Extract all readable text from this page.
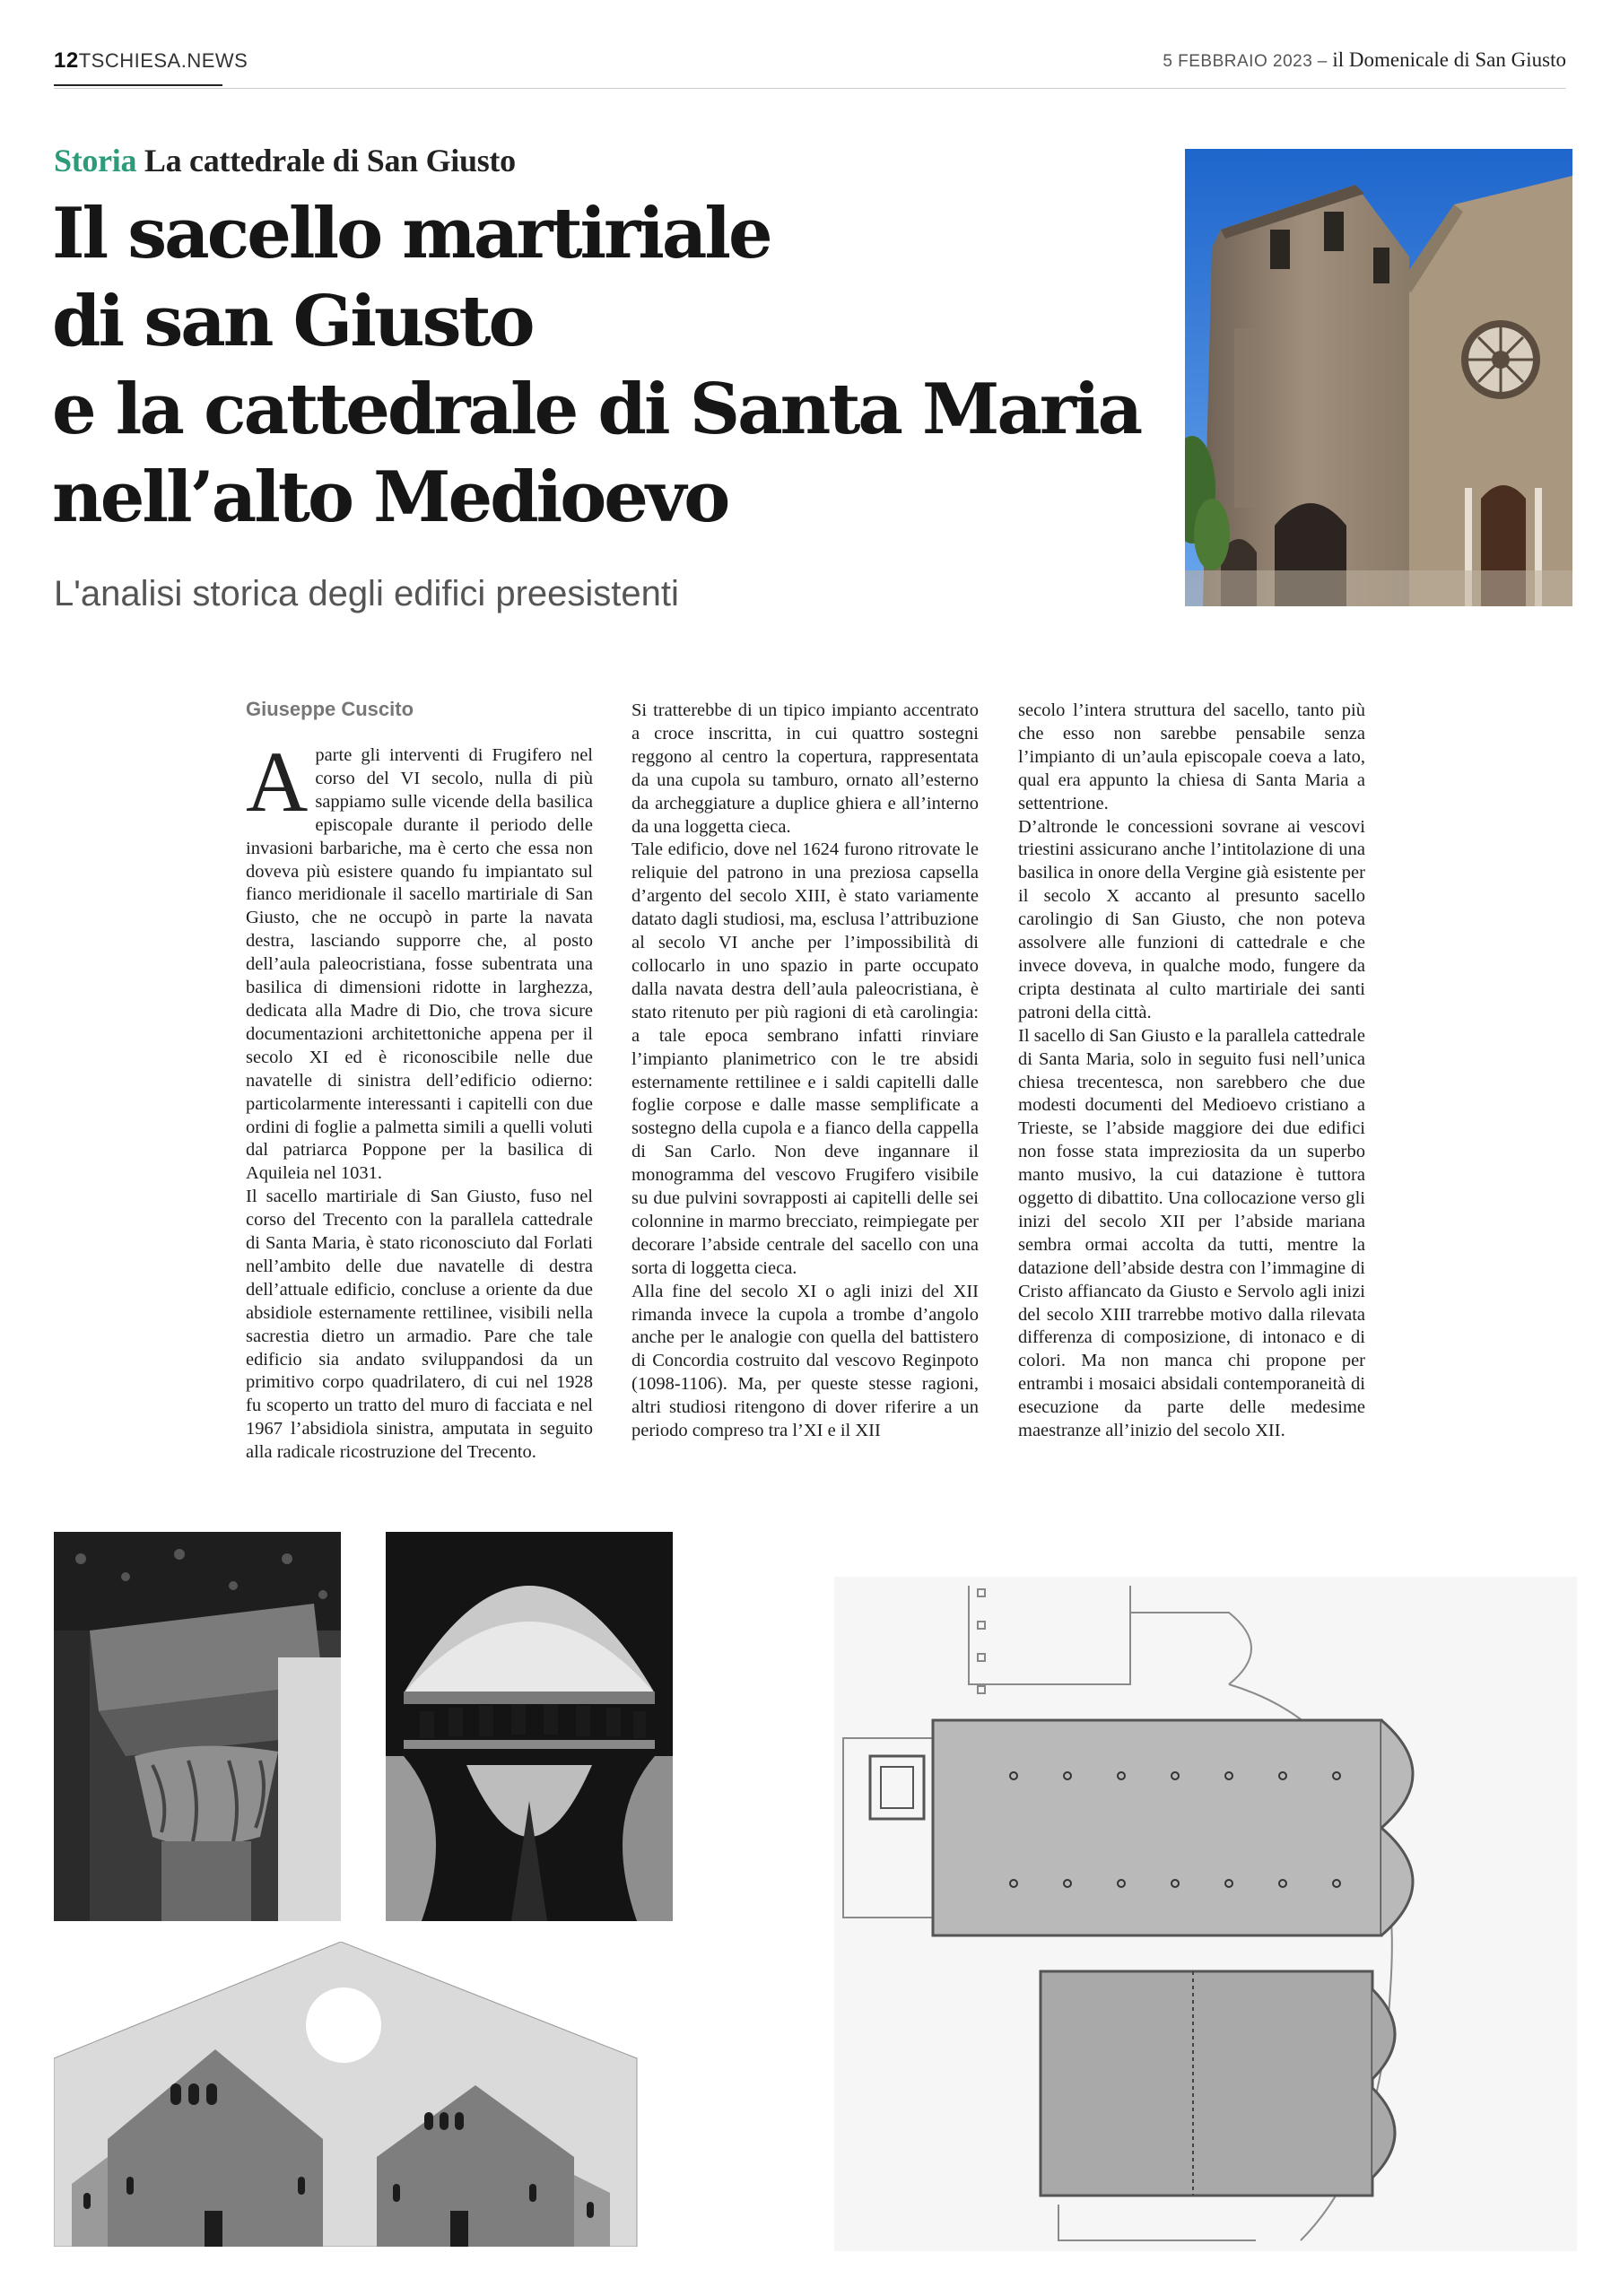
12TSCHIESA.NEWS	5 FEBBRAIO 2023 – il Domenicale di San Giusto
Storia La cattedrale di San Giusto
Il sacello martiriale
di san Giusto
e la cattedrale di Santa Maria
nell’alto Medioevo
L'analisi storica degli edifici preesistenti
Giuseppe Cuscito

Aparte gli interventi di Frugifero nel corso del VI secolo, nulla di più sappiamo sulle vicende della basilica episcopale durante il periodo delle invasioni barbariche, ma è certo che essa non doveva più esistere quando fu impiantato sul fianco meridionale il sacello martiriale di San Giusto, che ne occupò in parte la navata destra, lasciando supporre che, al posto dell’aula paleocristiana, fosse subentrata una basilica di dimensioni ridotte in larghezza, dedicata alla Madre di Dio, che trova sicure documentazioni architettoniche appena per il secolo XI ed è riconoscibile nelle due navatelle di sinistra dell’edificio odierno: particolarmente interessanti i capitelli con due ordini di foglie a palmetta simili a quelli voluti dal patriarca Poppone per la basilica di Aquileia nel 1031.

Il sacello martiriale di San Giusto, fuso nel corso del Trecento con la parallela cattedrale di Santa Maria, è stato riconosciuto dal Forlati nell’ambito delle due navatelle di destra dell’attuale edificio, concluse a oriente da due absidiole esternamente rettilinee, visibili nella sacrestia dietro un armadio. Pare che tale edificio sia andato sviluppandosi da un primitivo corpo quadrilatero, di cui nel 1928 fu scoperto un tratto del muro di facciata e nel 1967 l’absidiola sinistra, amputata in seguito alla radicale ricostruzione del Trecento.

Si tratterebbe di un tipico impianto accentrato a croce inscritta, in cui quattro sostegni reggono al centro la copertura, rappresentata da una cupola su tamburo, ornato all’esterno da archeggiature a duplice ghiera e all’interno da una loggetta cieca.

Tale edificio, dove nel 1624 furono ritrovate le reliquie del patrono in una preziosa capsella d’argento del secolo XIII, è stato variamente datato dagli studiosi, ma, esclusa l’attribuzione al secolo VI anche per l’impossibilità di collocarlo in uno spazio in parte occupato dalla navata destra dell’aula paleocristiana, è stato ritenuto per più ragioni di età carolingia: a tale epoca sembrano infatti rinviare l’impianto planimetrico con le tre absidi esternamente rettilinee e i saldi capitelli dalle foglie corpose e dalle masse semplificate a sostegno della cupola e a fianco della cappella di San Carlo. Non deve ingannare il monogramma del vescovo Frugifero visibile su due pulvini sovrapposti ai capitelli delle sei colonnine in marmo brecciato, reimpiegate per decorare l’abside centrale del sacello con una sorta di loggetta cieca.

Alla fine del secolo XI o agli inizi del XII rimanda invece la cupola a trombe d’angolo anche per le analogie con quella del battistero di Concordia costruito dal vescovo Reginpoto (1098-1106). Ma, per queste stesse ragioni, altri studiosi ritengono di dover riferire a un periodo compreso tra l’XI e il XII

secolo l’intera struttura del sacello, tanto più che esso non sarebbe pensabile senza l’impianto di un’aula episcopale coeva a lato, qual era appunto la chiesa di Santa Maria a settentrione.

D’altronde le concessioni sovrane ai vescovi triestini assicurano anche l’intitolazione di una basilica in onore della Vergine già esistente per il secolo X accanto al presunto sacello carolingio di San Giusto, che non poteva assolvere alle funzioni di cattedrale e che invece doveva, in qualche modo, fungere da cripta destinata al culto martiriale dei santi patroni della città.

Il sacello di San Giusto e la parallela cattedrale di Santa Maria, solo in seguito fusi nell’unica chiesa trecentesca, non sarebbero che due modesti documenti del Medioevo cristiano a Trieste, se l’abside maggiore dei due edifici non fosse stata impreziosita da un superbo manto musivo, la cui datazione è tuttora oggetto di dibattito. Una collocazione verso gli inizi del secolo XII per l’abside mariana sembra ormai accolta da tutti, mentre la datazione dell’abside destra con l’immagine di Cristo affiancato da Giusto e Servolo agli inizi del secolo XIII trarrebbe motivo dalla rilevata differenza di composizione, di intonaco e di colori. Ma non manca chi propone per entrambi i mosaici absidali contemporaneità di esecuzione da parte delle medesime maestranze all’inizio del secolo XII.
